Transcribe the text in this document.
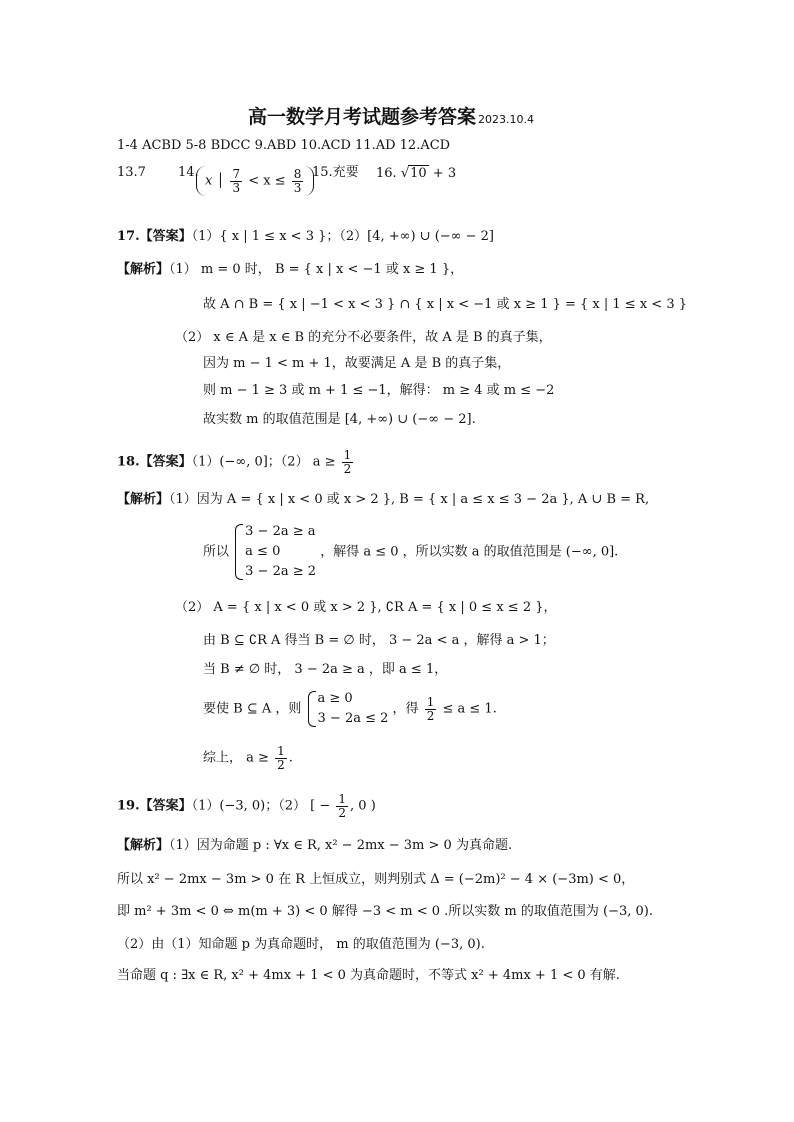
高一数学月考试题参考答案 2023.10.4
1-4 ACBD 5-8 BDCC 9.ABD 10.ACD 11.AD 12.ACD
13.7 14.
x │ $\frac{7}{3} < x \le \frac{8}{3} 15$.充要 16. √10 + 3
17.【答案】（1）{ x | 1 ≤ x < 3 }；（2）[4, +∞) ∪ (−∞ − 2]
【解析】（1） m = 0 时， B = { x | x < −1 或 x ≥ 1 }，
故 A ∩ B = { x | −1 < x < 3 } ∩ { x | x < −1 或 x ≥ 1 } = { x | 1 ≤ x < 3 }
（2） x ∈ A 是 x ∈ B 的充分不必要条件，故 A 是 B 的真子集，
因为 m − 1 < m + 1，故要满足 A 是 B 的真子集，
则 m − 1 ≥ 3 或 m + 1 ≤ −1，解得： m ≥ 4 或 m ≤ −2
故实数 m 的取值范围是 [4, +∞) ∪ (−∞ − 2].
18.【答案】（1）(−∞, 0]；（2） $a \ge \frac{1}{2}$
【解析】（1）因为 A = { x | x < 0 或 x > 2 }, B = { x | a ≤ x ≤ 3 − 2a }, A ∪ B = R,
所以
3 − 2a ≥ a
a ≤ 0
3 − 2a ≥ 2
，解得 a ≤ 0 ，所以实数 a 的取值范围是 (−∞, 0].
（2） A = { x | x < 0 或 x > 2 }, ∁R A = { x | 0 ≤ x ≤ 2 }，
由 B ⊆ ∁R A 得当 B = ∅ 时， 3 − 2a < a ，解得 a > 1；
当 B ≠ ∅ 时， 3 − 2a ≥ a ，即 a ≤ 1，
要使 B ⊆ A ，则
a ≥ 0
3 − 2a ≤ 2
，得 $\frac{1}{2} \le a \le 1$.
综上， $a \ge \frac{1}{2}$ .
19.【答案】（1）(−3, 0)；（2） [ − $\frac{1}{2}$ , 0 )
【解析】（1）因为命题 p : ∀x ∈ R, x² − 2mx − 3m > 0 为真命题.
所以 x² − 2mx − 3m > 0 在 R 上恒成立，则判别式 Δ = (−2m)² − 4 × (−3m) < 0，
即 m² + 3m < 0 ⇔ m(m + 3) < 0 解得 −3 < m < 0 .所以实数 m 的取值范围为 (−3, 0).
（2）由（1）知命题 p 为真命题时， m 的取值范围为 (−3, 0).
当命题 q : ∃x ∈ R, x² + 4mx + 1 < 0 为真命题时，不等式 x² + 4mx + 1 < 0 有解.
